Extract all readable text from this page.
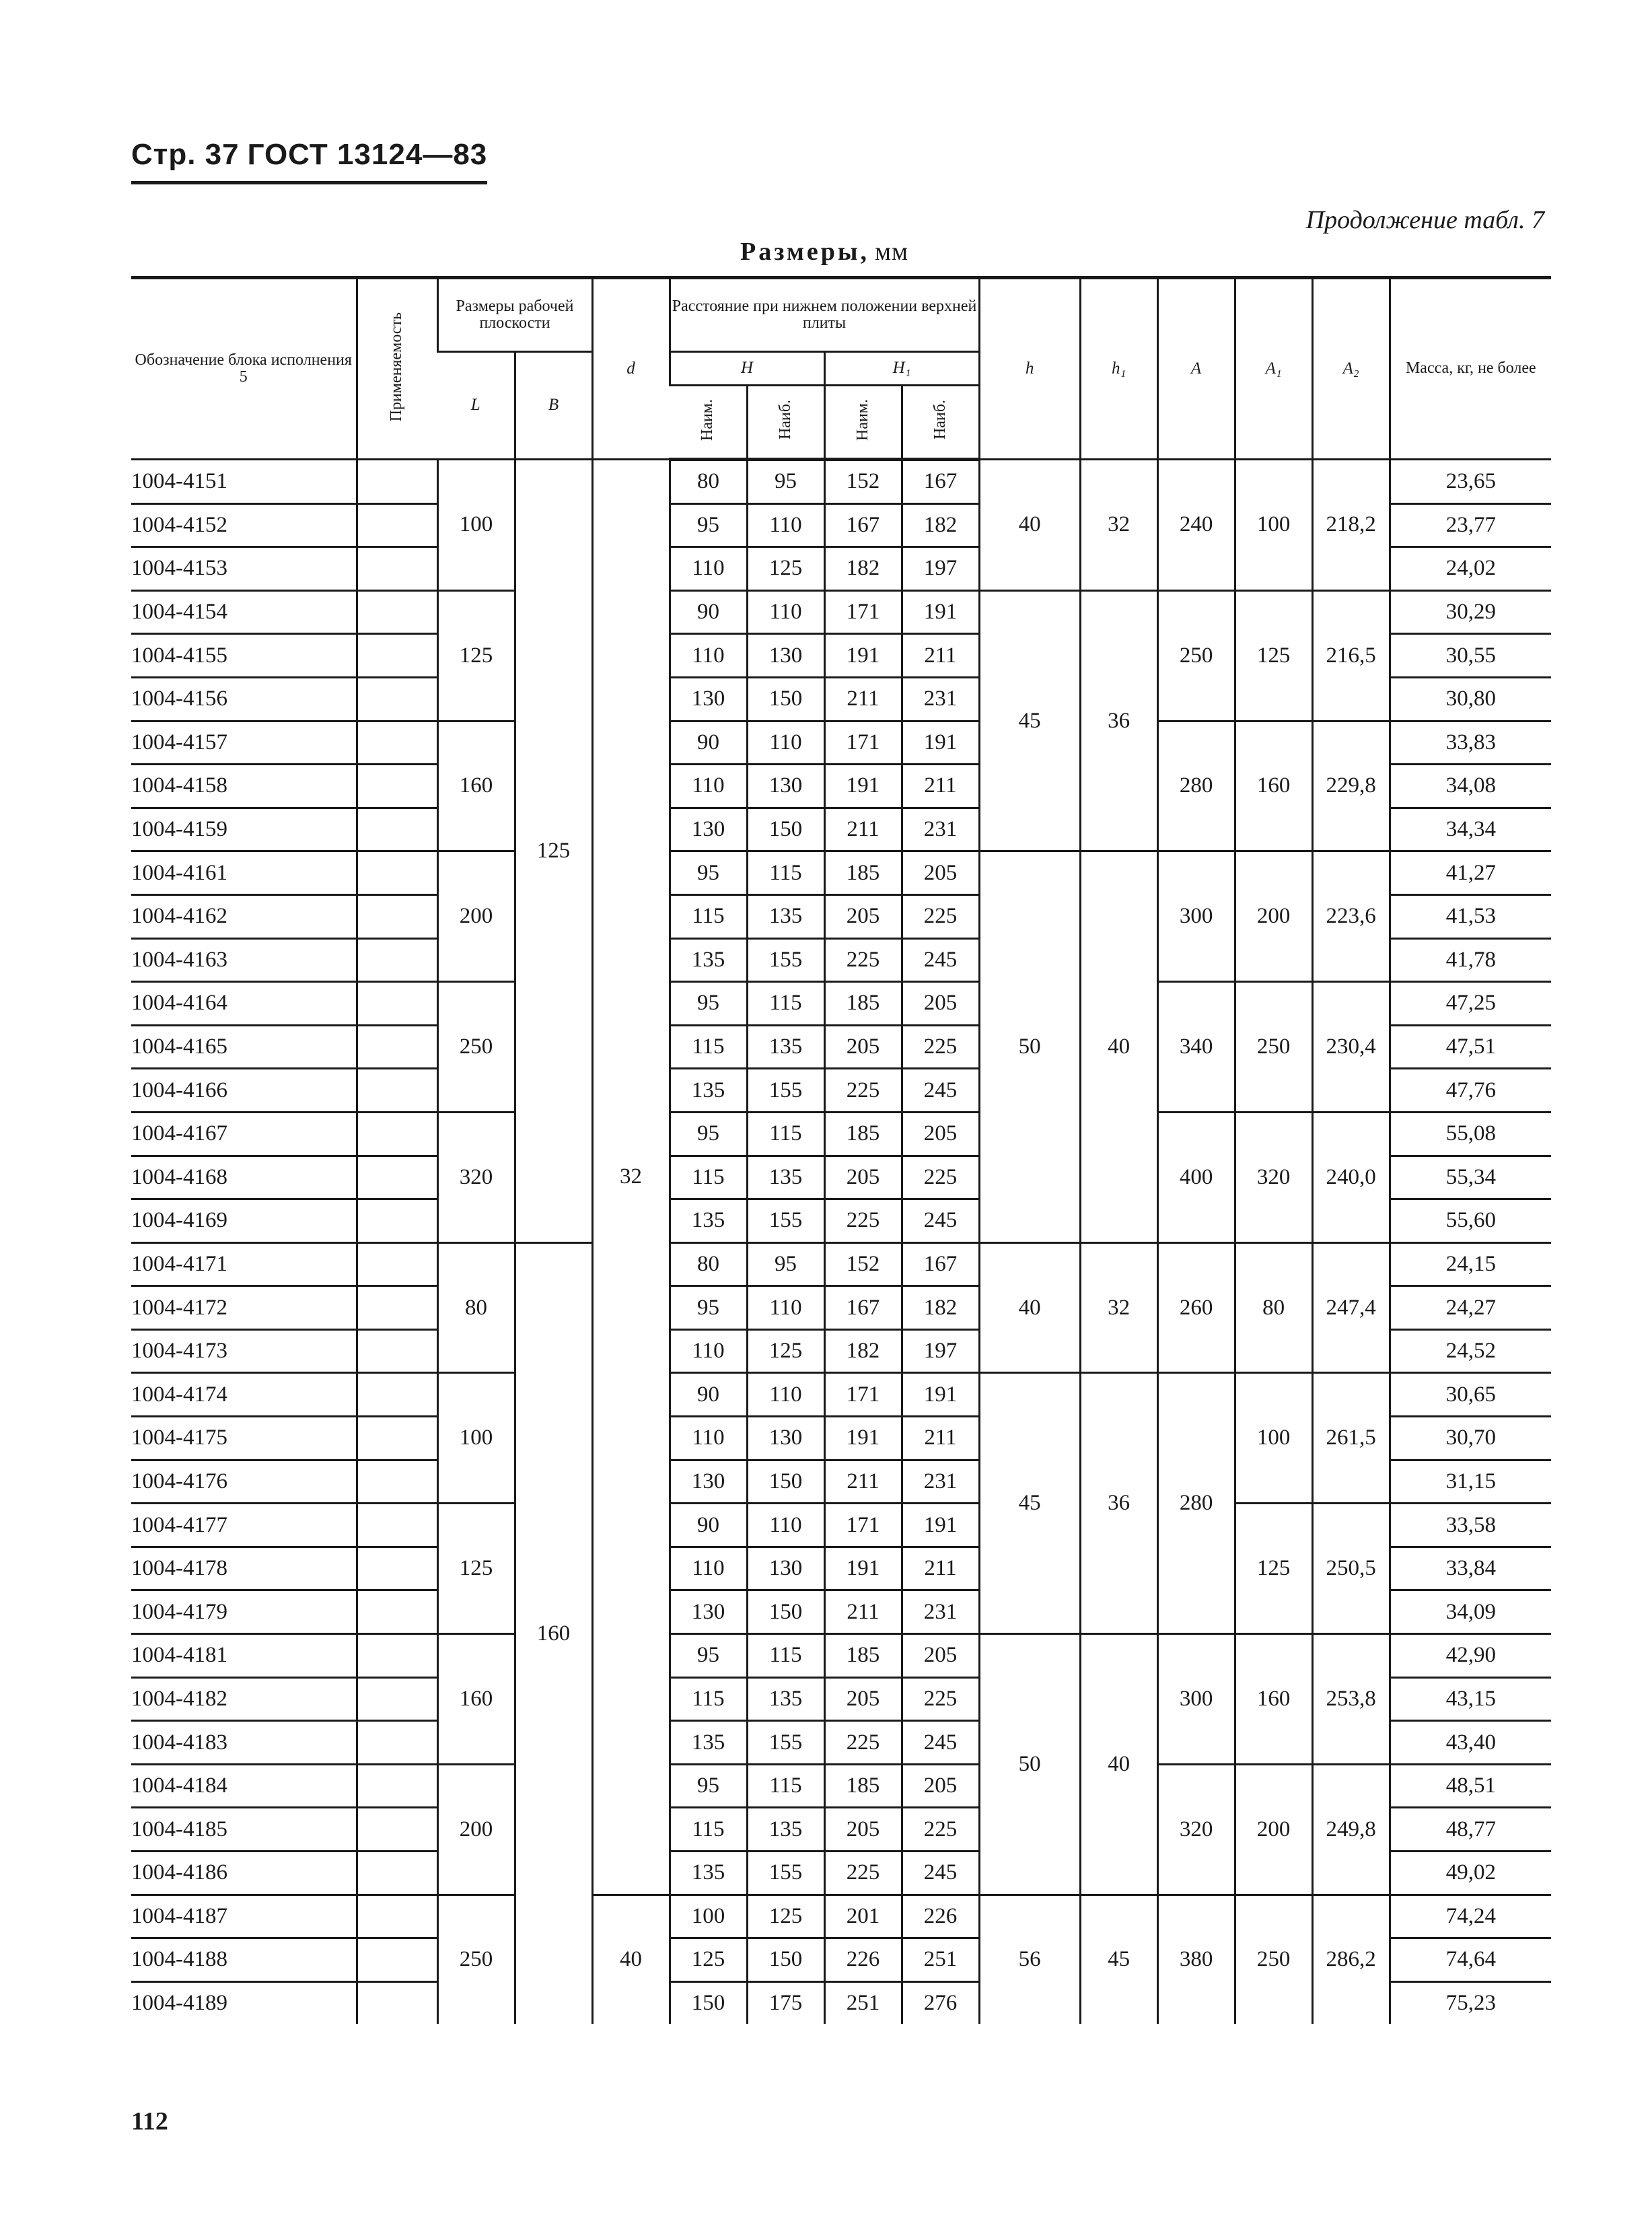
Стр. 37 ГОСТ 13124—83
Продолжение табл. 7
Размеры, мм
Обозначение блока исполнения 5	Применяемость	Размеры рабочей плоскости		d	Расстояние при нижнем положении верхней плиты				h	h₁	A	A₁	A₂	Масса, кг, не более
		L	B		H		H₁							
					Наим.	Наиб.	Наим.	Наиб.						
1004-4151		100	125	32	80	95	152	167	40	32	240	100	218,2	23,65
1004-4152					95	110	167	182						23,77
1004-4153					110	125	182	197						24,02
1004-4154		125			90	110	171	191	45	36	250	125	216,5	30,29
1004-4155					110	130	191	211						30,55
1004-4156					130	150	211	231						30,80
1004-4157		160			90	110	171	191			280	160	229,8	33,83
1004-4158					110	130	191	211						34,08
1004-4159					130	150	211	231						34,34
1004-4161		200			95	115	185	205	50	40	300	200	223,6	41,27
1004-4162					115	135	205	225						41,53
1004-4163					135	155	225	245						41,78
1004-4164		250			95	115	185	205			340	250	230,4	47,25
1004-4165					115	135	205	225						47,51
1004-4166					135	155	225	245						47,76
1004-4167		320			95	115	185	205			400	320	240,0	55,08
1004-4168					115	135	205	225						55,34
1004-4169					135	155	225	245						55,60
1004-4171		80	160		80	95	152	167	40	32	260	80	247,4	24,15
1004-4172					95	110	167	182						24,27
1004-4173					110	125	182	197						24,52
1004-4174		100			90	110	171	191	45	36	280	100	261,5	30,65
1004-4175					110	130	191	211						30,70
1004-4176					130	150	211	231						31,15
1004-4177		125			90	110	171	191				125	250,5	33,58
1004-4178					110	130	191	211						33,84
1004-4179					130	150	211	231						34,09
1004-4181		160			95	115	185	205	50	40	300	160	253,8	42,90
1004-4182					115	135	205	225						43,15
1004-4183					135	155	225	245						43,40
1004-4184		200			95	115	185	205			320	200	249,8	48,51
1004-4185					115	135	205	225						48,77
1004-4186					135	155	225	245						49,02
1004-4187		250		40	100	125	201	226	56	45	380	250	286,2	74,24
1004-4188					125	150	226	251						74,64
1004-4189					150	175	251	276						75,23
112
